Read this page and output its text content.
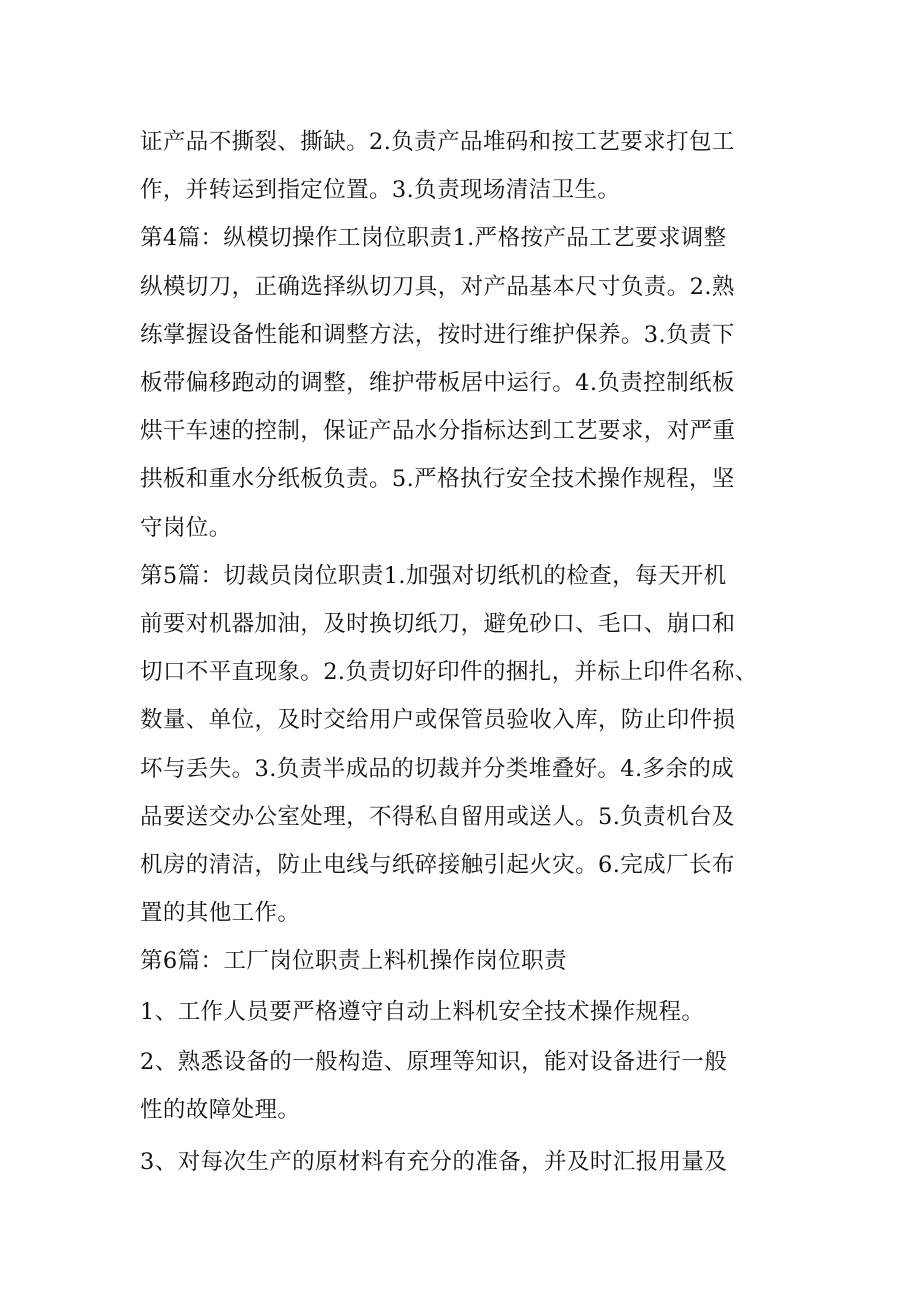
证产品不撕裂、撕缺。2.负责产品堆码和按工艺要求打包工
作，并转运到指定位置。3.负责现场清洁卫生。

第4篇：纵模切操作工岗位职责1.严格按产品工艺要求调整
纵模切刀，正确选择纵切刀具，对产品基本尺寸负责。2.熟
练掌握设备性能和调整方法，按时进行维护保养。3.负责下
板带偏移跑动的调整，维护带板居中运行。4.负责控制纸板
烘干车速的控制，保证产品水分指标达到工艺要求，对严重
拱板和重水分纸板负责。5.严格执行安全技术操作规程，坚
守岗位。

第5篇：切裁员岗位职责1.加强对切纸机的检查，每天开机
前要对机器加油，及时换切纸刀，避免砂口、毛口、崩口和
切口不平直现象。2.负责切好印件的捆扎，并标上印件名称、
数量、单位，及时交给用户或保管员验收入库，防止印件损
坏与丢失。3.负责半成品的切裁并分类堆叠好。4.多余的成
品要送交办公室处理，不得私自留用或送人。5.负责机台及
机房的清洁，防止电线与纸碎接触引起火灾。6.完成厂长布
置的其他工作。

第6篇：工厂岗位职责上料机操作岗位职责

1、工作人员要严格遵守自动上料机安全技术操作规程。

2、熟悉设备的一般构造、原理等知识，能对设备进行一般
性的故障处理。

3、对每次生产的原材料有充分的准备，并及时汇报用量及
